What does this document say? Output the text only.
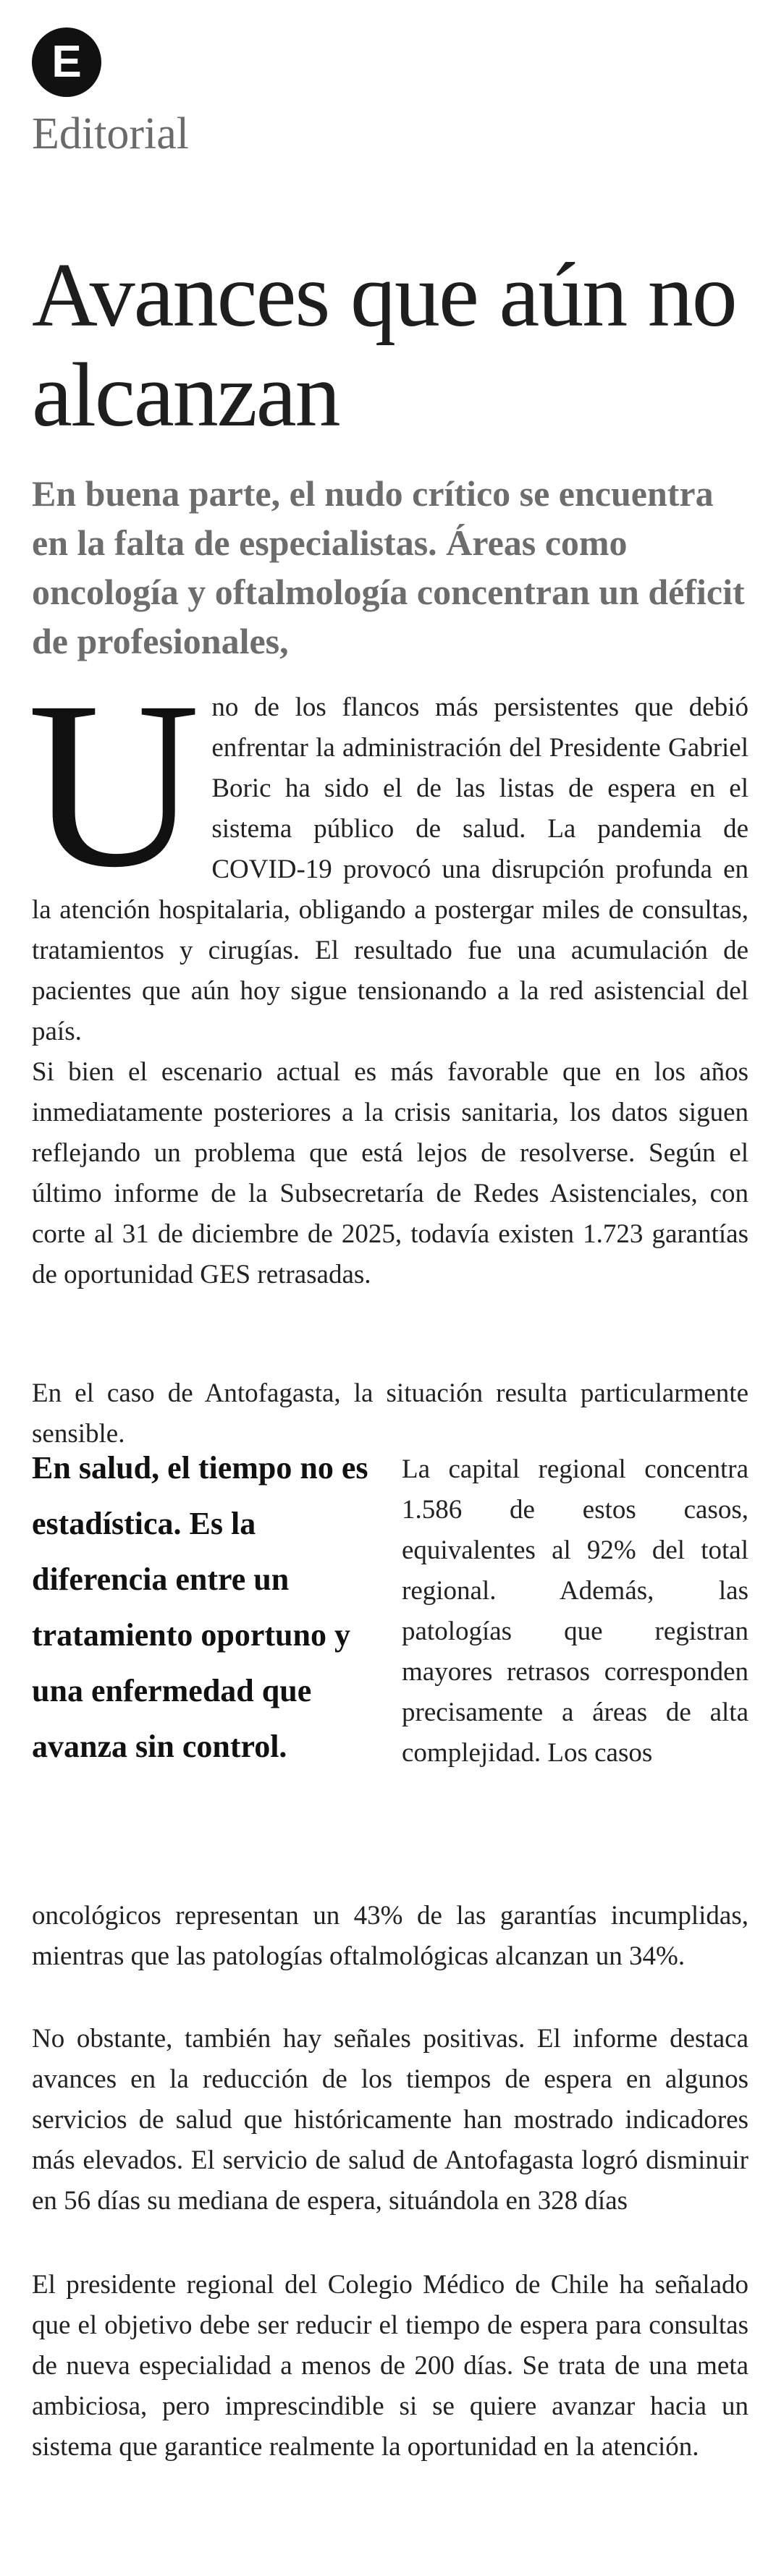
E
Editorial
Avances que aún no alcanzan

En buena parte, el nudo crítico se encuentra en la falta de especialistas. Áreas como oncología y oftalmología concentran un déficit de profesionales,

U no de los flancos más persistentes que debió enfrentar la administración del Presidente Gabriel Boric ha sido el de las listas de espera en el sistema público de salud. La pandemia de COVID-19 provocó una disrupción profunda en la atención hospitalaria, obligando a postergar miles de consultas, tratamientos y cirugías. El resultado fue una acumulación de pacientes que aún hoy sigue tensionando a la red asistencial del país.
Si bien el escenario actual es más favorable que en los años inmediatamente posteriores a la crisis sanitaria, los datos siguen reflejando un problema que está lejos de resolverse. Según el último informe de la Subsecretaría de Redes Asistenciales, con corte al 31 de diciembre de 2025, todavía existen 1.723 garantías de oportunidad GES retrasadas.

En el caso de Antofagasta, la situación resulta particularmente sensible.

En salud, el tiempo no es estadística. Es la diferencia entre un tratamiento oportuno y una enfermedad que avanza sin control.

La capital regional concentra 1.586 de estos casos, equivalentes al 92% del total regional. Además, las patologías que registran mayores retrasos corresponden precisamente a áreas de alta complejidad. Los casos

oncológicos representan un 43% de las garantías incumplidas, mientras que las patologías oftalmológicas alcanzan un 34%.

No obstante, también hay señales positivas. El informe destaca avances en la reducción de los tiempos de espera en algunos servicios de salud que históricamente han mostrado indicadores más elevados. El servicio de salud de Antofagasta logró disminuir en 56 días su mediana de espera, situándola en 328 días

El presidente regional del Colegio Médico de Chile ha señalado que el objetivo debe ser reducir el tiempo de espera para consultas de nueva especialidad a menos de 200 días. Se trata de una meta ambiciosa, pero imprescindible si se quiere avanzar hacia un sistema que garantice realmente la oportunidad en la atención.
